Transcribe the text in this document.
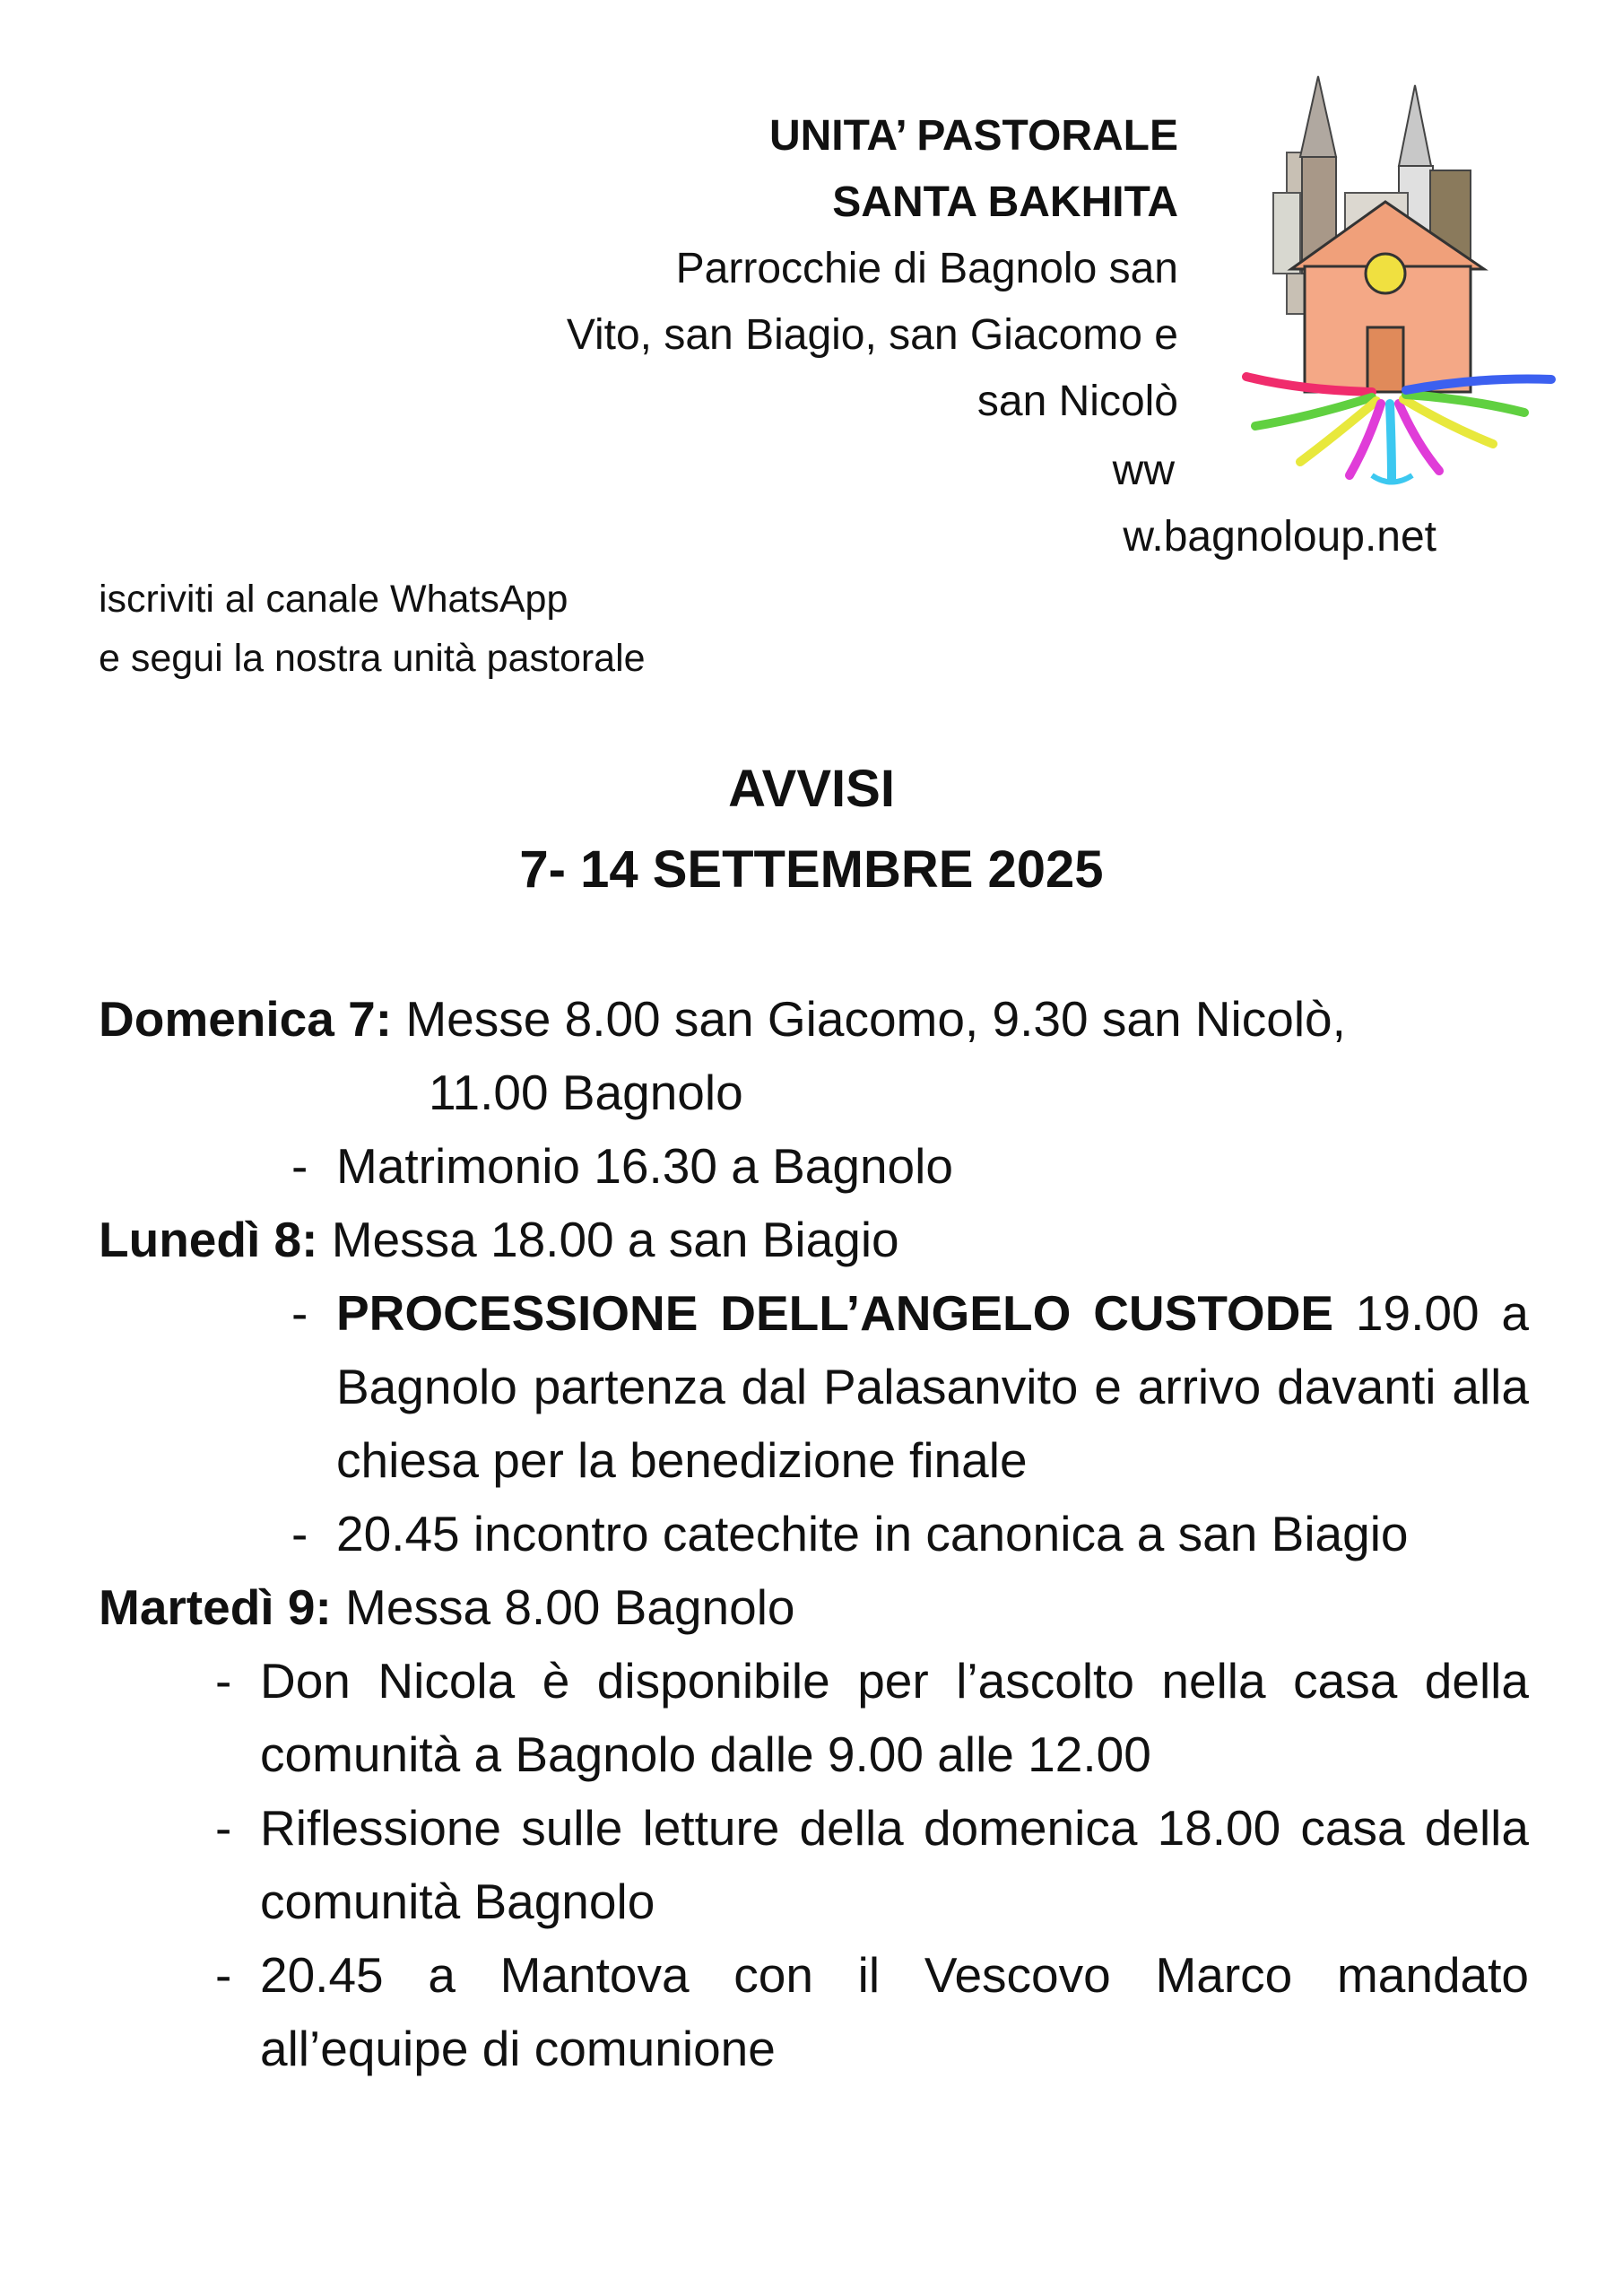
UNITA’ PASTORALE
SANTA BAKHITA
Parrocchie di Bagnolo san
Vito, san Biagio, san Giacomo e
san Nicolò
ww
w.bagnoloup.net
iscriviti al canale WhatsApp
e segui la nostra unità pastorale
AVVISI
7- 14 SETTEMBRE 2025
Domenica 7: Messe 8.00 san Giacomo, 9.30 san Nicolò,
11.00 Bagnolo
- Matrimonio 16.30 a Bagnolo
Lunedì 8: Messa 18.00 a san Biagio
- PROCESSIONE DELL’ANGELO CUSTODE 19.00 a Bagnolo partenza dal Palasanvito e arrivo davanti alla chiesa per la benedizione finale
- 20.45 incontro catechite in canonica a san Biagio
Martedì 9: Messa 8.00 Bagnolo
- Don Nicola è disponibile per l’ascolto nella casa della comunità a Bagnolo dalle 9.00 alle 12.00
- Riflessione sulle letture della domenica 18.00 casa della comunità Bagnolo
- 20.45 a Mantova con il Vescovo Marco mandato all’equipe di comunione
